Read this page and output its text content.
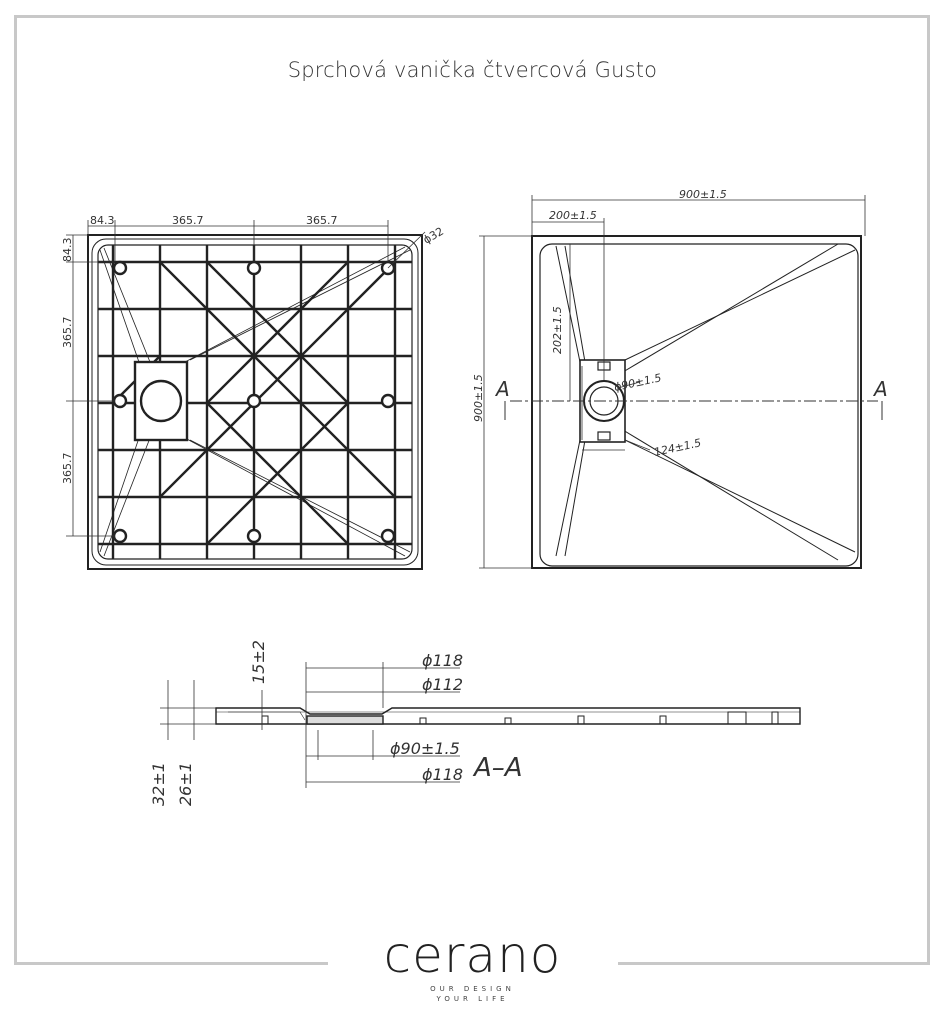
Sprchová vanička čtvercová Gusto
84.3	365.7	365.7
84.3
365.7
365.7
ɸ32
A	A
900±1.5
200±1.5
900±1.5
202±1.5
ɸ90±1.5
124±1.5
ɸ118
ɸ112
ɸ90±1.5
ɸ118 A–A
15±2
32±1 26±1
cerano
OUR DESIGN
YOUR LIFE
